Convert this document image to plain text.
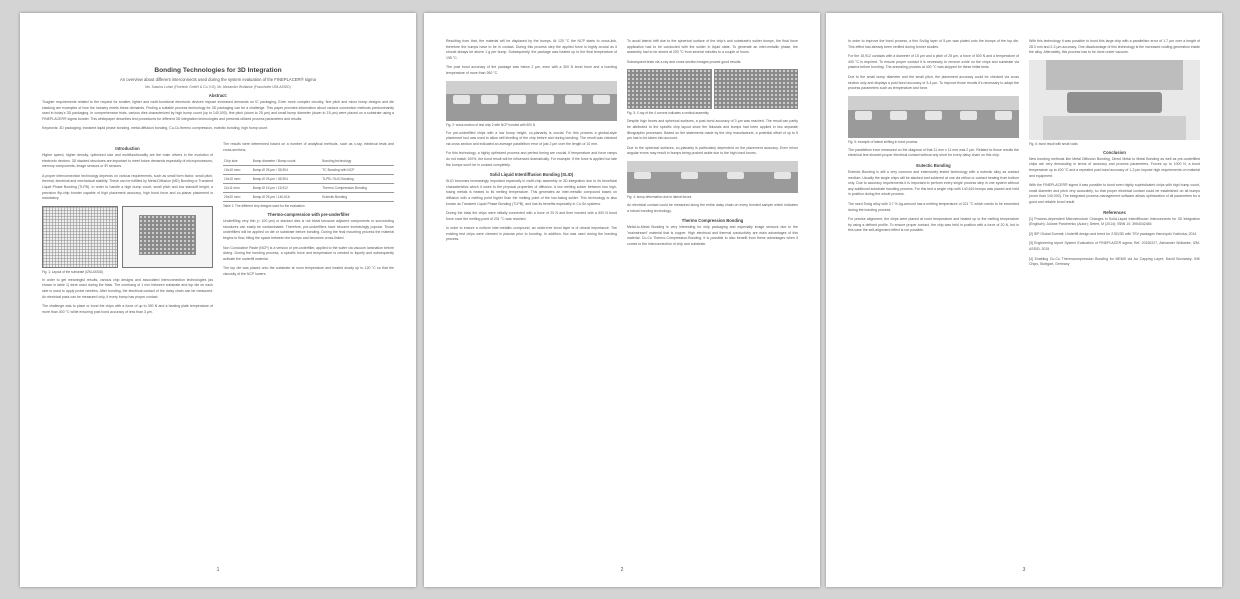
Bonding Technologies for 3D Integration
An overview about different interconnects used during the system evaluation of the FINEPLACER® sigma
Ms. Sascha Lohse (Finetech GmbH & Co. KG); Mr. Alexander Wollanke (Fraunhofer IZM-ASSID)
Abstract:

Tougher requirements related to the request for smaller, lighter and multi-functional electronic devices impose increased demands on IC packaging. Even more complex circuitry, fine pitch and micro bump designs and die stacking are examples of how the industry meets these demands. Finding a suitable process technology for 3D packaging can be a challenge. This paper provides information about various connection methods predominantly used in today's 3D packaging. In comprehensive trials, various dies characterized by high bump count (up to 140,000), fine pitch (down to 25 µm) and small bump diameter (down to 15 µm) were placed on a substrate using a FINEPLACER® sigma bonder. This whitepaper describes test procedures for different 3D integration technologies and presents utilized process parameters and results.

Keywords: 3D packaging, transient liquid phase bonding, metal-diffusion bonding, Cu-Cu thermo compression, eutectic bonding, high bump count

Introduction

Higher speed, higher density, optimized size and multifunctionality are the main drivers in the evolution of electronic devices. 3D stacked structures are important to meet future demands especially of microprocessors, memory components, image sensors or IR sensors.

A proper interconnection technology depends on various requirements, such as small form factor, small pitch, thermal, electrical and mechanical stability. These can be fulfilled by Metal Diffusion (MD) Bonding or Transient Liquid Phase Bonding (TLPB). In order to handle a high bump count, small pitch and low standoff height, a precision flip-chip bonder capable of high placement accuracy, high bond force and co-planar placement is mandatory.

Fig. 1: Layout of the substrate (IZM-ASSID)

In order to get meaningful results, various chip designs and associated interconnection technologies (as shown in table 1) were used during the trials. The overhang of 1 mm between substrate and top die on each side is used to apply probe needles. After bonding, the electrical contact of the daisy chain can be measured. An electrical pass can be measured only, if every bump has proper contact.

The challenge was to place or bond the chips with a force of up to 300 N and a heating plate temperature of more than 400 °C while ensuring post bond accuracy of less than 3 µm.

The results were determined based on a number of analytical methods, such as x-ray, electrical tests and cross-sections.

Chip size	Bump diameter / Bump count	Bonding technology
10x10 mm²	Bump Ø 25 µm / 35,904	TC Bonding with NCP
10x10 mm²	Bump Ø 25 µm / 35,904	TLPB / SLID Bonding
11x11 mm²	Bump Ø 15 µm / 15,912	Thermo Compression Bonding
20x20 mm²	Bump Ø 25 µm / 140,616	Eutectic Bonding
Table 1: The different chip designs used for the evaluation
Thermo-compression with pre-underfiller

Underfilling very thin (< 100 µm) or stacked dies is not trivial because adjacent components or surrounding structures can easily be contaminated. Therefore, pre-underfillers have become increasingly popular. Those underfillers will be applied on die or substrate before bonding. During the final mounting process the material begins to flow, filling the space between the bumps and becomes cross-linked.

Non Conductive Paste (NCP) is a version of pre-underfiller, applied to the wafer via vacuum lamination before dicing. During the bonding process, a specific force and temperature is needed to liquefy and subsequently activate the underfill material.

The top die was placed onto the substrate at room temperature and heated slowly up to 120 °C so that the viscosity of the NCP lowers.

1

Resulting from that, the material will be displaced by the bumps. At 120 °C the NCP starts to cross-link, therefore the bumps have to be in contact. During this process step the applied force is highly crucial as it should always be above 1 g per bump. Subsequently, the package was heated up to the final temperature of 195 °C.

The post bond accuracy of the package was below 2 µm, even with a 300 N bond force and a bonding temperature of more than 260 °C.

Fig. 2: cross-section of test chip 2 with NCP bonded with 500 N

For pre-underfilled chips with a low bump height, co-planarity is crucial. For this process a gimbal-style placement tool was used to allow self-levelling of the chip before and during bonding. The result was checked via cross section and indicated an average parallelism error of just 2 µm over the length of 10 mm.

For this technology, a highly optimized process and perfect timing are crucial. If temperature and force ramps do not match 100%, the bond result will be influenced dramatically. For example, if the force is applied too late the bumps won't be in contact completely.

Solid Liquid Interdiffusion Bonding (SLID)

SLID becomes increasingly important especially in multi-chip assembly or 3D-integration due to its beneficial characteristics which it owes to the physical properties of diffusion. A low melting solder between two high-fusing metals is heated to its melting temperature. This generates an inter-metallic compound based on diffusion with a melting point higher than the melting point of the low-fusing solder. This technology is also known as Transient Liquid Phase Bonding (TLPB), and has its benefits especially in Cu-Sn systems.

During the trials the chips were initially connected with a force of 20 N and then bonded with a 500 N bond force once the melting point of 231 °C was reached.

In order to ensure a uniform inter-metallic compound, an oxide-free bond layer is of utmost importance. The existing test chips were cleaned in plasma prior to bonding. In addition, flux was used during the bonding process.

To avoid lateral drift due to the spherical surface of the chip's and substrate's solder bumps, the final force application had to be conducted with the solder in liquid state. To generate an inter-metallic phase, the assembly had to be stored at 200 °C from several minutes to a couple of hours.

Subsequent tests via x-ray and cross section images proved good results.

Fig. 3: X-ray of the 4 corners indicates a vertical assembly

Despite high forces and spherical surfaces, a post bond accuracy of 3 µm was reached. The result can partly be attributed to the specific chip layout since the fiducials and bumps had been applied in two separate lithographic processes. Based on the statements made by the chip manufacturer, a potential offset of up to 5 µm has to be taken into account.

Due to the spherical surfaces, co-planarity is particularly dependent on the placement accuracy. Even minor angular errors may result in bumps being pushed aside due to the high bond forces.

Fig. 4: bump deformation due to lateral forces

An electrical contact could be measured along the entire daisy chain on every bonded sample which indicates a robust bonding technology.

Thermo Compression Bonding

Metal-to-Metal Bonding is very interesting for chip packaging and especially image sensors due to the "mainstream" material that is copper. High electrical and thermal conductivity are main advantages of this material. Cu-Cu Thermo-Compression-Bonding, it is possible to also benefit from these advantages when it comes to the interconnection of chip and substrate.

2

In order to improve the bond process, a thin Sn/Ag layer of 5 µm was plated onto the bumps of the top die. This effect has already been verified during former studies.

For the 15,912 contacts with a diameter of 15 µm and a pitch of 25 µm, a force of 500 N and a temperature of 400 °C is required. To ensure proper contact it is necessary to remove oxide on the chips and substrate via plasma before bonding. The annealing process at 400 °C was skipped for these initial tests.

Due to the small bump diameter and the small pitch, the placement accuracy could be checked via cross section only and displays a post bond accuracy of 3-4 µm. To improve those results it's necessary to adapt the process parameters such as temperature and force.

Fig. 5: example of lateral shifting in bond process.

The parallelism error measured on the diagonal of that 11 mm x 11 mm was 2 µm. Related to those results the electrical test showed proper electrical contact without any short for every daisy chain on this chip.

Eutectic Bonding

Eutectic Bonding is still a very common and extensively tested technology with a eutectic alloy as contact medium. Usually the single chips will be stacked and soldered at one via reflow or contact heating from bottom only. Due to accuracy requirements it is important to perform every single process step in one system without any additional substrate handling process. For this test a single chip with 140,616 bumps was placed and held in position during the whole process.

The used SnAg alloy with 3.7 % Ag-amount has a melting temperature of 221 °C which needs to be exceeded during the bonding process.

For precise alignment, the chips were placed at room temperature and heated up to the melting temperature by using a defined profile. To ensure proper contact, the chip was held in position with a force of 20 N, but in this case the self-alignment effect is not possible.

With this technology it was possible to bond this large chip with a parallelism error of 1.7 µm over a length of 28.3 mm and 2-3 µm accuracy. One disadvantage of this technology is the increased voiding generation inside the alloy. Alternately, this process has to be done under vacuum.

Fig. 6: bond result with small voids
Conclusion

New bonding methods like Metal Diffusion Bonding, Direct Metal to Metal Bonding as well as pre-underfilled chips are very demanding in terms of accuracy and process parameters. Forces up to 1000 N, a bond temperature up to 400 °C and a repeated post bond accuracy of 1-3 µm impose high requirements on material and equipment.

With the FINEPLACER® sigma it was possible to bond even highly sophisticated chips with high bump count, small diameter and pitch very accurately, so that proper electrical contact could be established on all bumps (more than 140,000). The integrated process management software allows optimization of all parameters for a good and reliable bond result.

References

[1] Process-dependent Microstructure Changes in Solid-Liquid Interdiffusion Interconnects for 3D Integration (Englisch); Juliane Panchenko (Autor); Detert, M (2014); ISBN 10: 3954042484

[2] IEP Global Summit; Underfill design and trend for 2.5D/3D with TSV packages Harunyoki Yoshioka; 2014

[3] Engineering report System Evaluation of FINEPLACER sigma; Ref. 20150227, Alexander Wollanke, IZM-ASSID; 2015

[4] Enabling Cu-Cu Thermocompression Bonding for MEMS via Au Capping Layer; David Borowsky; INK Chips, Stuttgart, Germany

3
